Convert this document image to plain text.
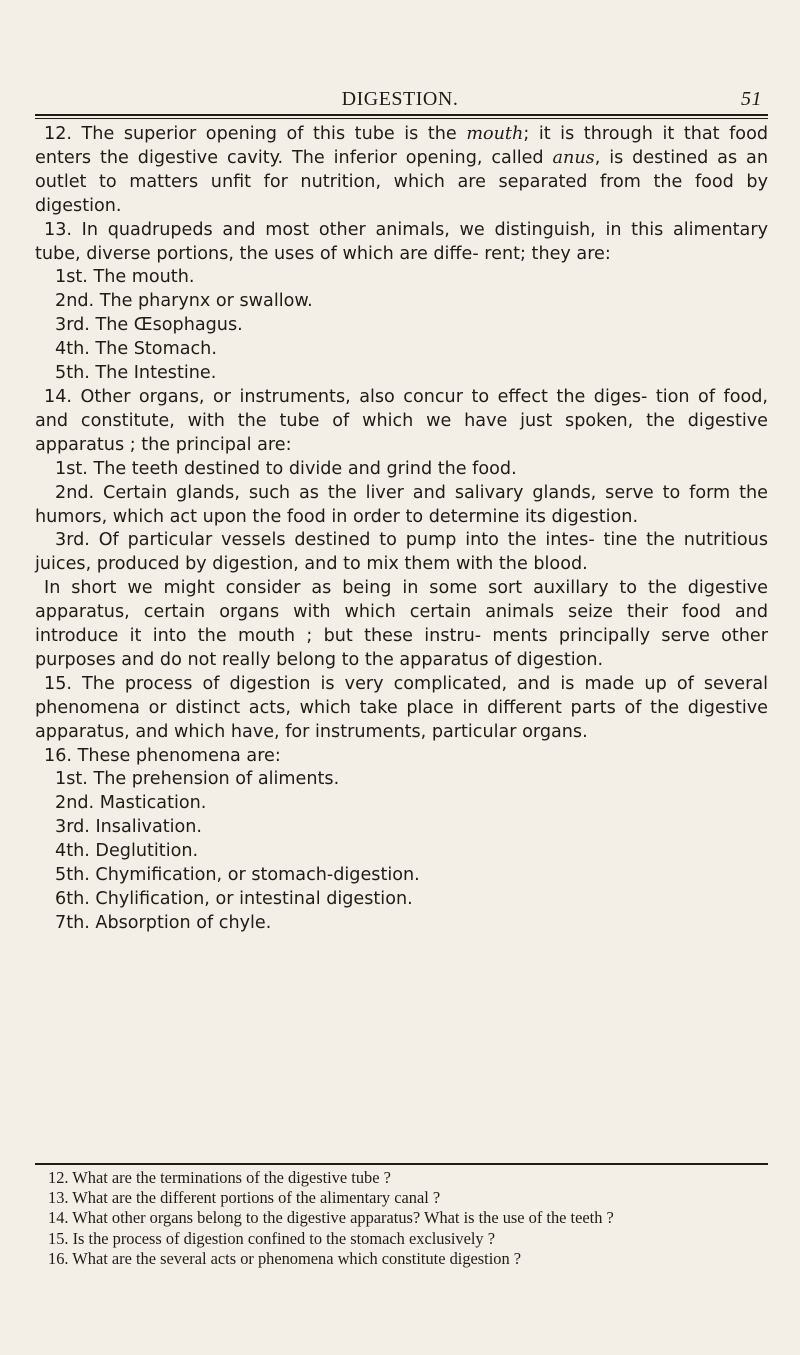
DIGESTION.	51

12. The superior opening of this tube is the mouth; it is through it that food enters the digestive cavity. The inferior opening, called anus, is destined as an outlet to matters unfit for nutrition, which are separated from the food by digestion.

13. In quadrupeds and most other animals, we distinguish, in this alimentary tube, diverse portions, the uses of which are diffe- rent; they are:

1st. The mouth.

2nd. The pharynx or swallow.

3rd. The Œsophagus.

4th. The Stomach.

5th. The Intestine.

14. Other organs, or instruments, also concur to effect the diges- tion of food, and constitute, with the tube of which we have just spoken, the digestive apparatus ; the principal are:

1st. The teeth destined to divide and grind the food.

2nd. Certain glands, such as the liver and salivary glands, serve to form the humors, which act upon the food in order to determine its digestion.

3rd. Of particular vessels destined to pump into the intes- tine the nutritious juices, produced by digestion, and to mix them with the blood.

In short we might consider as being in some sort auxillary to the digestive apparatus, certain organs with which certain animals seize their food and introduce it into the mouth ; but these instru- ments principally serve other purposes and do not really belong to the apparatus of digestion.

15. The process of digestion is very complicated, and is made up of several phenomena or distinct acts, which take place in different parts of the digestive apparatus, and which have, for instruments, particular organs.

16. These phenomena are:

1st. The prehension of aliments.

2nd. Mastication.

3rd. Insalivation.

4th. Deglutition.

5th. Chymification, or stomach-digestion.

6th. Chylification, or intestinal digestion.

7th. Absorption of chyle.

12. What are the terminations of the digestive tube ?

13. What are the different portions of the alimentary canal ?

14. What other organs belong to the digestive apparatus? What is the use of the teeth ?

15. Is the process of digestion confined to the stomach exclusively ?

16. What are the several acts or phenomena which constitute digestion ?
